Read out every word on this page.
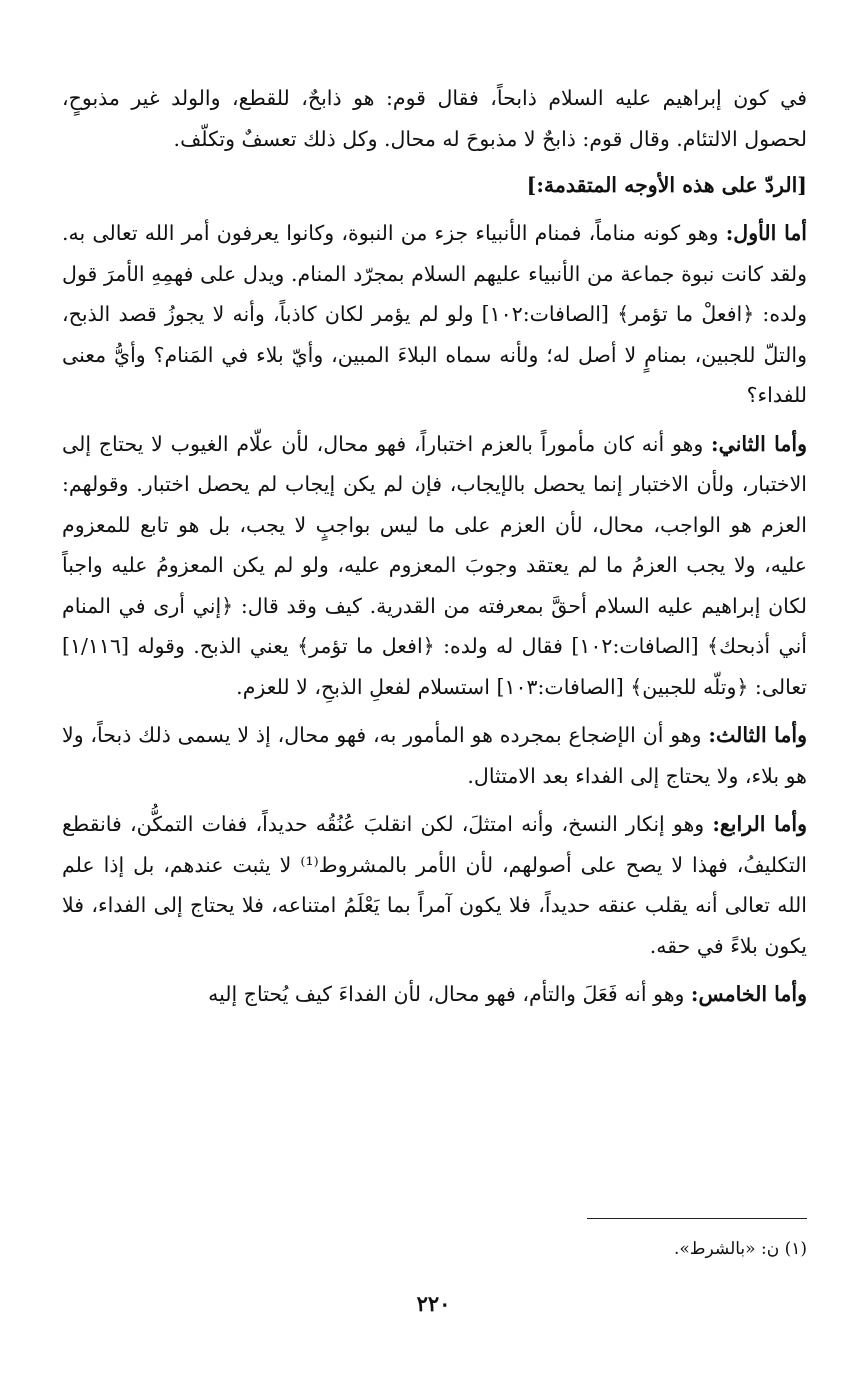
في كون إبراهيم عليه السلام ذابحاً، فقال قوم: هو ذابحٌ، للقطع، والولد غير مذبوحٍ، لحصول الالتئام. وقال قوم: ذابحٌ لا مذبوحَ له محال. وكل ذلك تعسفٌ وتكلّف.

[الردّ على هذه الأوجه المتقدمة:]

أما الأول: وهو كونه مناماً، فمنام الأنبياء جزء من النبوة، وكانوا يعرفون أمر الله تعالى به. ولقد كانت نبوة جماعة من الأنبياء عليهم السلام بمجرّد المنام. ويدل على فهمِهِ الأمرَ قول ولده: ﴿افعلْ ما تؤمر﴾ [الصافات:١٠٢] ولو لم يؤمر لكان كاذباً، وأنه لا يجوزُ قصد الذبح، والتلّ للجبين، بمنامٍ لا أصل له؛ ولأنه سماه البلاءَ المبين، وأيّ بلاء في المَنام؟ وأيُّ معنى للفداء؟

وأما الثاني: وهو أنه كان مأموراً بالعزم اختباراً، فهو محال، لأن علّام الغيوب لا يحتاج إلى الاختبار، ولأن الاختبار إنما يحصل بالإيجاب، فإن لم يكن إيجاب لم يحصل اختبار. وقولهم: العزم هو الواجب، محال، لأن العزم على ما ليس بواجبٍ لا يجب، بل هو تابع للمعزوم عليه، ولا يجب العزمُ ما لم يعتقد وجوبَ المعزوم عليه، ولو لم يكن المعزومُ عليه واجباً لكان إبراهيم عليه السلام أحقَّ بمعرفته من القدرية. كيف وقد قال: ﴿إني أرى في المنام أني أذبحك﴾ [الصافات:١٠٢] فقال له ولده: ﴿افعل ما تؤمر﴾ يعني الذبح. وقوله [١/١١٦] تعالى: ﴿وتلّه للجبين﴾ [الصافات:١٠٣] استسلام لفعلِ الذبحِ، لا للعزم.

وأما الثالث: وهو أن الإضجاع بمجرده هو المأمور به، فهو محال، إذ لا يسمى ذلك ذبحاً، ولا هو بلاء، ولا يحتاج إلى الفداء بعد الامتثال.

وأما الرابع: وهو إنكار النسخ، وأنه امتثلَ، لكن انقلبَ عُنُقُه حديداً، ففات التمكُّن، فانقطع التكليفُ، فهذا لا يصح على أصولهم، لأن الأمر بالمشروط⁽¹⁾ لا يثبت عندهم، بل إذا علم الله تعالى أنه يقلب عنقه حديداً، فلا يكون آمراً بما يَعْلَمُ امتناعه، فلا يحتاج إلى الفداء، فلا يكون بلاءً في حقه.

وأما الخامس: وهو أنه فَعَلَ والتأم، فهو محال، لأن الفداءَ كيف يُحتاج إليه

(١) ن: «بالشرط».
٢٢٠
